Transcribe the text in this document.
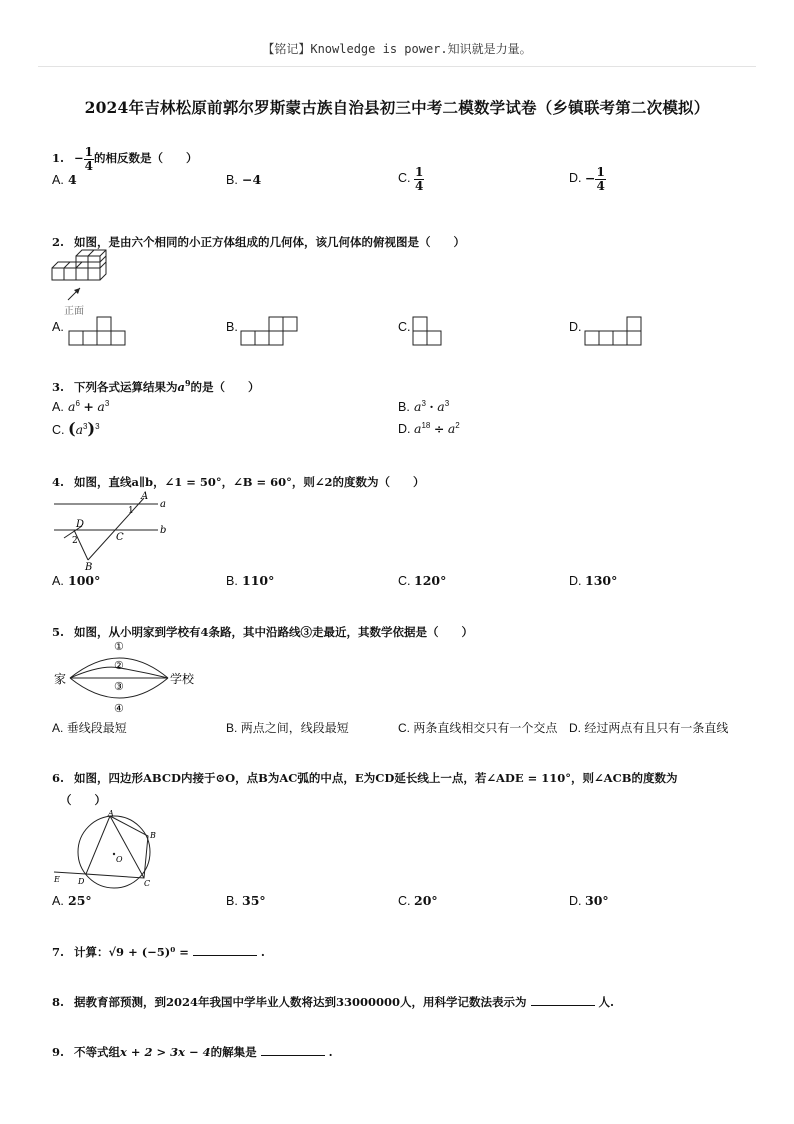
【铭记】Knowledge is power.知识就是力量。
2024年吉林松原前郭尔罗斯蒙古族自治县初三中考二模数学试卷（乡镇联考第二次模拟）
1. − $\frac{1}{4}$ 的相反数是（　　）
A. 4	B. −4	C. $\frac{1}{4}$	D. − $\frac{1}{4}$
2. 如图，是由六个相同的小正方体组成的几何体，该几何体的俯视图是（　　）
正面
A.	B.	C.	D.
3. 下列各式运算结果为$a^9$的是（　　）
A. $a^6 + a^3$	B. $a^3 \cdot a^3$
C. $(a^3)^3$	D. $a^{18} \div a^2$
4. 如图，直线a∥b，∠1 = 50°，∠B = 60°，则∠2的度数为（　　）
A
a
b
1
D
2	C
B
A. 100°	B. 110°	C. 120°	D. 130°
5. 如图，从小明家到学校有4条路，其中沿路线③走最近，其数学依据是（　　）
家	学校
①
②
③
④
A. 垂线段最短	B. 两点之间，线段最短	C. 两条直线相交只有一个交点 D. 经过两点有且只有一条直线
6. 如图，四边形ABCD内接于⊙O，点B为AC弧的中点，E为CD延长线上一点，若∠ADE = 110°，则∠ACB的度数为
（　　）
A
B
C
D
E
O
A. 25°	B. 35°	C. 20°	D. 30°
7. 计算：√9 + (−5)⁰ =	.
8. 据教育部预测，到2024年我国中学毕业人数将达到33000000人，用科学记数法表示为	人.
9. 不等式组x + 2 > 3x − 4的解集是	.
